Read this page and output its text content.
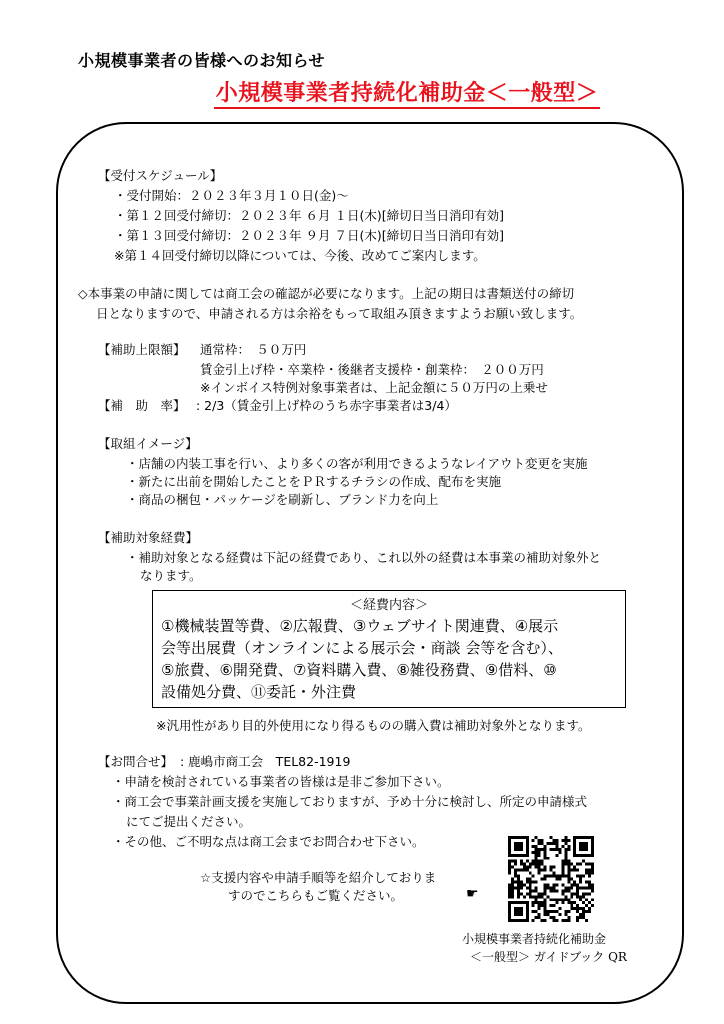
小規模事業者の皆様へのお知らせ
小規模事業者持続化補助金＜一般型＞
【受付スケジュール】
・受付開始：２０２３年３月１０日(金)～
・第１２回受付締切：２０２３年 ６月 １日(木)[締切日当日消印有効]
・第１３回受付締切：２０２３年 ９月 ７日(木)[締切日当日消印有効]
※第１４回受付締切以降については、今後、改めてご案内します。
◇本事業の申請に関しては商工会の確認が必要になります。上記の期日は書類送付の締切
日となりますので、申請される方は余裕をもって取組み頂きますようお願い致します。
【補助上限額】 通常枠：　５０万円
賃金引上げ枠・卒業枠・後継者支援枠・創業枠：　２００万円
※インボイス特例対象事業者は、上記金額に５０万円の上乗せ
【補　助　率】 : 2/3（賃金引上げ枠のうち赤字事業者は3/4）
【取組イメージ】
・店舗の内装工事を行い、より多くの客が利用できるようなレイアウト変更を実施
・新たに出前を開始したことをＰＲするチラシの作成、配布を実施
・商品の梱包・パッケージを刷新し、ブランド力を向上
【補助対象経費】
・補助対象となる経費は下記の経費であり、これ以外の経費は本事業の補助対象外と
なります。
＜経費内容＞
①機械装置等費、②広報費、③ウェブサイト関連費、④展示
会等出展費（オンラインによる展示会・商談 会等を含む）、
⑤旅費、⑥開発費、⑦資料購入費、⑧雑役務費、⑨借料、⑩
設備処分費、⑪委託・外注費
※汎用性があり目的外使用になり得るものの購入費は補助対象外となります。
【お問合せ】 : 鹿嶋市商工会　TEL82-1919
・申請を検討されている事業者の皆様は是非ご参加下さい。
・商工会で事業計画支援を実施しておりますが、予め十分に検討し、所定の申請様式
にてご提出ください。
・その他、ご不明な点は商工会までお問合わせ下さい。
☆支援内容や申請手順等を紹介しておりま
すのでこちらもご覧ください。	☛
小規模事業者持続化補助金
＜一般型＞ ガイドブック QR
